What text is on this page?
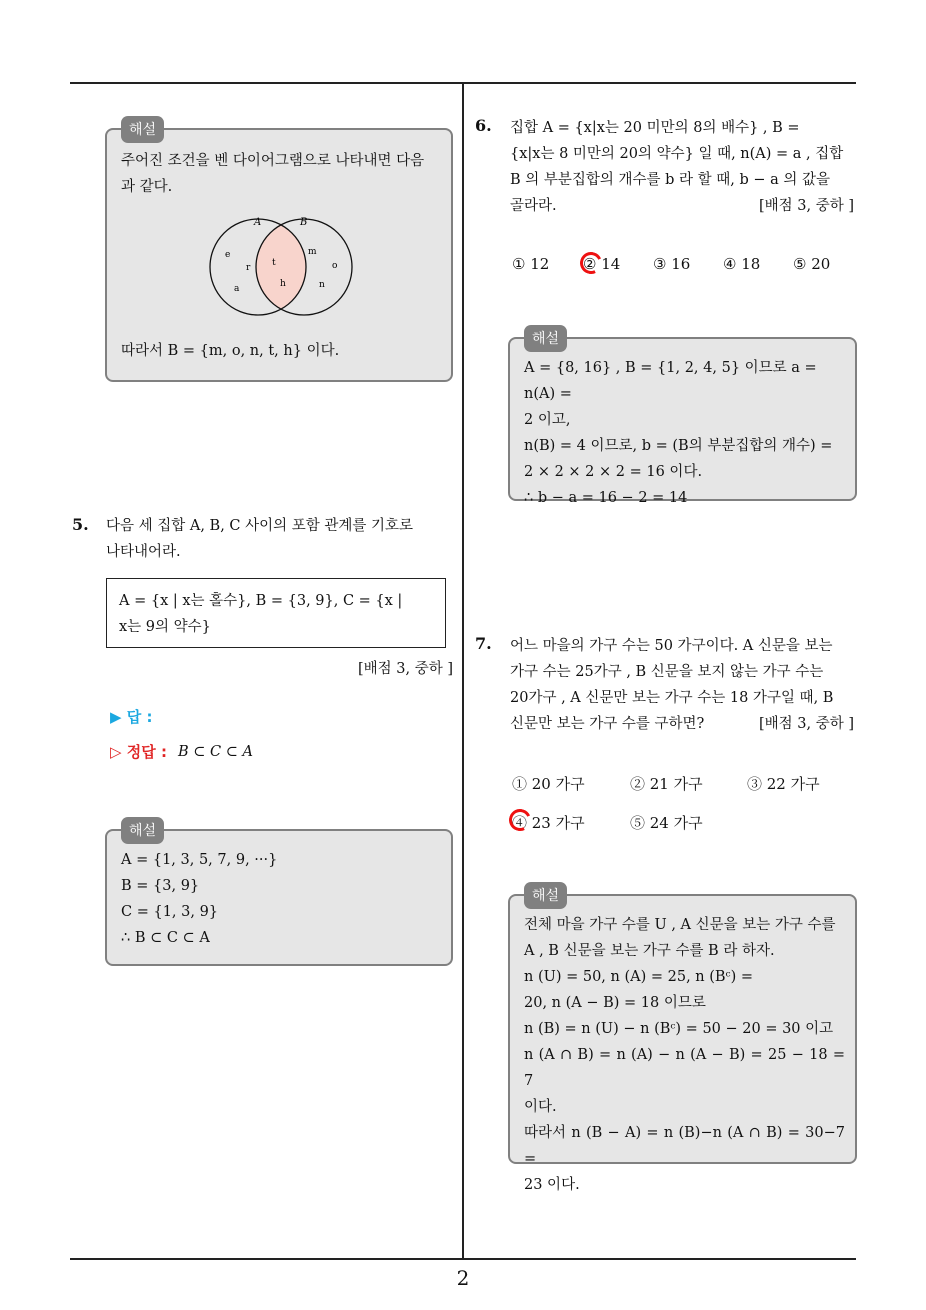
2
해설
주어진 조건을 벤 다이어그램으로 나타내면 다음
과 같다.
A	B
e
r
a
t
h
m
o
n
따라서 B = {m, o, n, t, h} 이다.
5. 다음 세 집합 A, B, C 사이의 포함 관계를 기호로
나타내어라.
A = {x | x는 홀수}, B = {3, 9}, C = {x |
x는 9의 약수}
[배점 3, 중하 ]
▶ 답 :
▷ 정답 : B ⊂ C ⊂ A
해설
A = {1, 3, 5, 7, 9, ···}
B = {3, 9}
C = {1, 3, 9}
∴ B ⊂ C ⊂ A
6. 집합 A = {x|x는 20 미만의 8의 배수} , B =
{x|x는 8 미만의 20의 약수} 일 때, n(A) = a , 집합
B 의 부분집합의 개수를 b 라 할 때, b − a 의 값을
골라라.	[배점 3, 중하 ]
① 12 ② 14 ③ 16 ④ 18 ⑤ 20
해설
A = {8, 16} , B = {1, 2, 4, 5} 이므로 a = n(A) =
2 이고,
n(B) = 4 이므로, b = (B의 부분집합의 개수) =
2 × 2 × 2 × 2 = 16 이다.
∴ b − a = 16 − 2 = 14
7. 어느 마을의 가구 수는 50 가구이다. A 신문을 보는
가구 수는 25가구 , B 신문을 보지 않는 가구 수는
20가구 , A 신문만 보는 가구 수는 18 가구일 때, B
신문만 보는 가구 수를 구하면?	[배점 3, 중하 ]
① 20 가구	② 21 가구	③ 22 가구
④ 23 가구	⑤ 24 가구
해설
전체 마을 가구 수를 U , A 신문을 보는 가구 수를
A , B 신문을 보는 가구 수를 B 라 하자.
n (U) = 50, n (A) = 25, n (Bᶜ) =
20, n (A − B) = 18 이므로
n (B) = n (U) − n (Bᶜ) = 50 − 20 = 30 이고
n (A ∩ B) = n (A) − n (A − B) = 25 − 18 = 7
이다.
따라서 n (B − A) = n (B)−n (A ∩ B) = 30−7 =
23 이다.
